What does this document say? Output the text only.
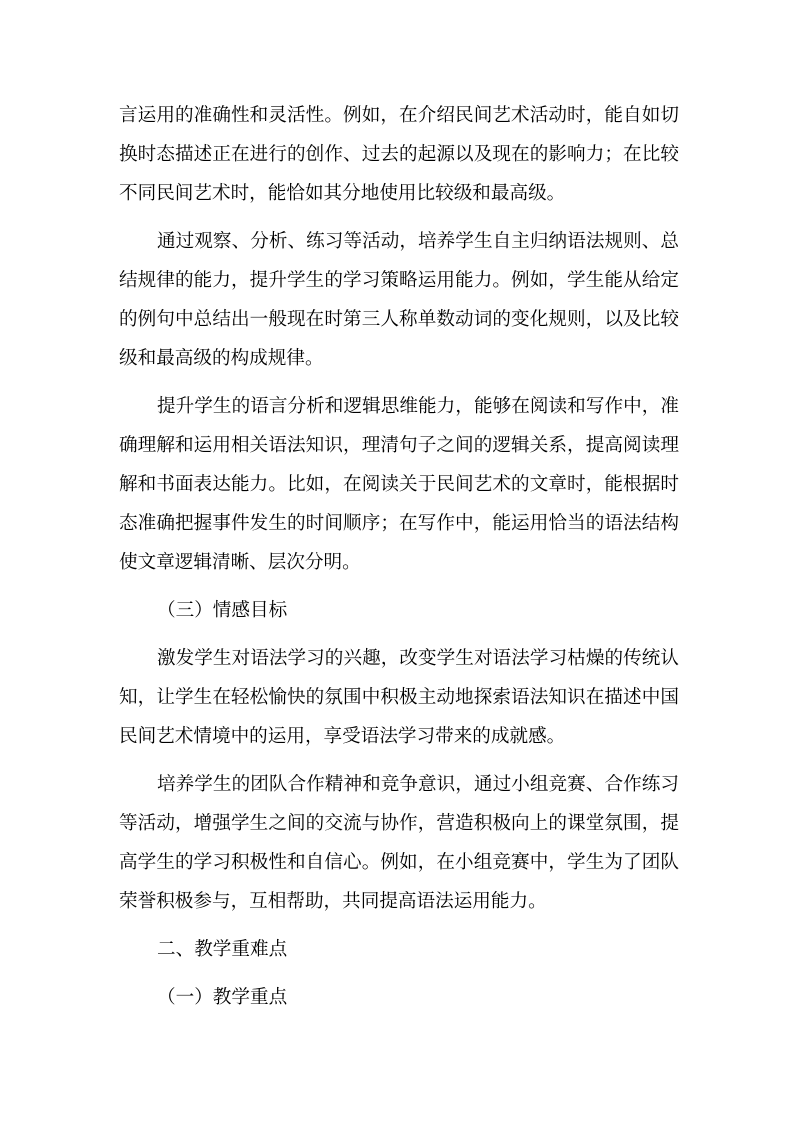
言运用的准确性和灵活性。例如，在介绍民间艺术活动时，能自如切
换时态描述正在进行的创作、过去的起源以及现在的影响力；在比较
不同民间艺术时，能恰如其分地使用比较级和最高级。
通过观察、分析、练习等活动，培养学生自主归纳语法规则、总
结规律的能力，提升学生的学习策略运用能力。例如，学生能从给定
的例句中总结出一般现在时第三人称单数动词的变化规则，以及比较
级和最高级的构成规律。
提升学生的语言分析和逻辑思维能力，能够在阅读和写作中，准
确理解和运用相关语法知识，理清句子之间的逻辑关系，提高阅读理
解和书面表达能力。比如，在阅读关于民间艺术的文章时，能根据时
态准确把握事件发生的时间顺序；在写作中，能运用恰当的语法结构
使文章逻辑清晰、层次分明。
（三）情感目标
激发学生对语法学习的兴趣，改变学生对语法学习枯燥的传统认
知，让学生在轻松愉快的氛围中积极主动地探索语法知识在描述中国
民间艺术情境中的运用，享受语法学习带来的成就感。
培养学生的团队合作精神和竞争意识，通过小组竞赛、合作练习
等活动，增强学生之间的交流与协作，营造积极向上的课堂氛围，提
高学生的学习积极性和自信心。例如，在小组竞赛中，学生为了团队
荣誉积极参与，互相帮助，共同提高语法运用能力。
二、教学重难点
（一）教学重点
